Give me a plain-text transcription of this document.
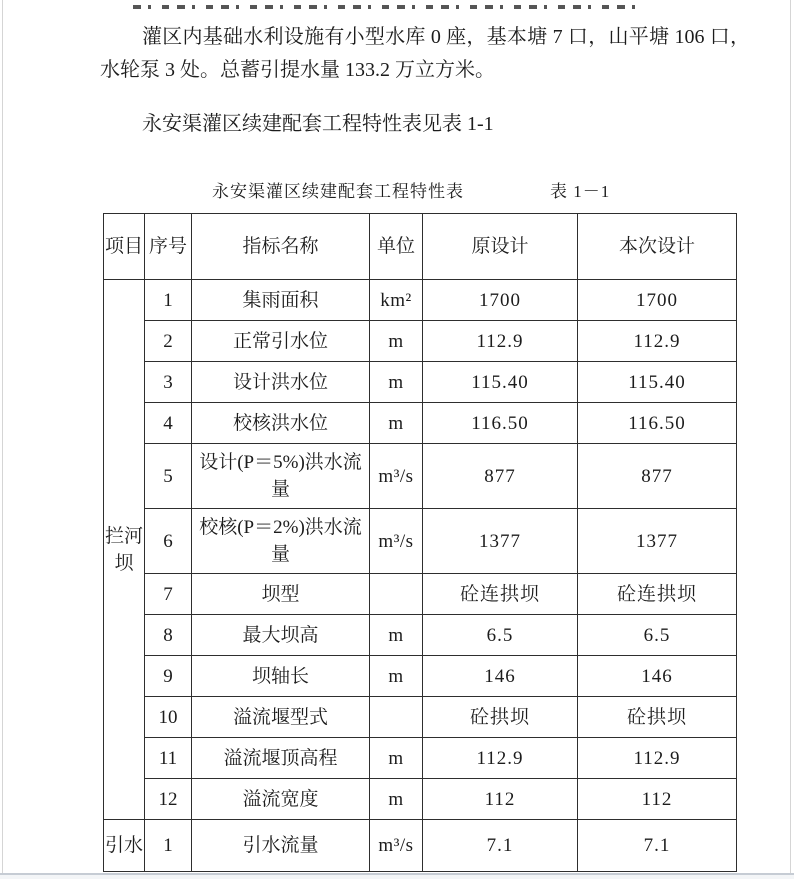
灌区内基础水利设施有小型水库 0 座，基本塘 7 口，山平塘 106 口，水轮泵 3 处。总蓄引提水量 133.2 万立方米。

永安渠灌区续建配套工程特性表见表 1-1

永安渠灌区续建配套工程特性表	表 1－1
项目	序号	指标名称	单位	原设计	本次设计
拦河坝	1	集雨面积	km²	1700	1700
	2	正常引水位	m	112.9	112.9
	3	设计洪水位	m	115.40	115.40
	4	校核洪水位	m	116.50	116.50
	5	设计(P＝5%)洪水流量	m³/s	877	877
	6	校核(P＝2%)洪水流量	m³/s	1377	1377
	7	坝型		砼连拱坝	砼连拱坝
	8	最大坝高	m	6.5	6.5
	9	坝轴长	m	146	146
	10	溢流堰型式		砼拱坝	砼拱坝
	11	溢流堰顶高程	m	112.9	112.9
	12	溢流宽度	m	112	112
引水	1	引水流量	m³/s	7.1	7.1
